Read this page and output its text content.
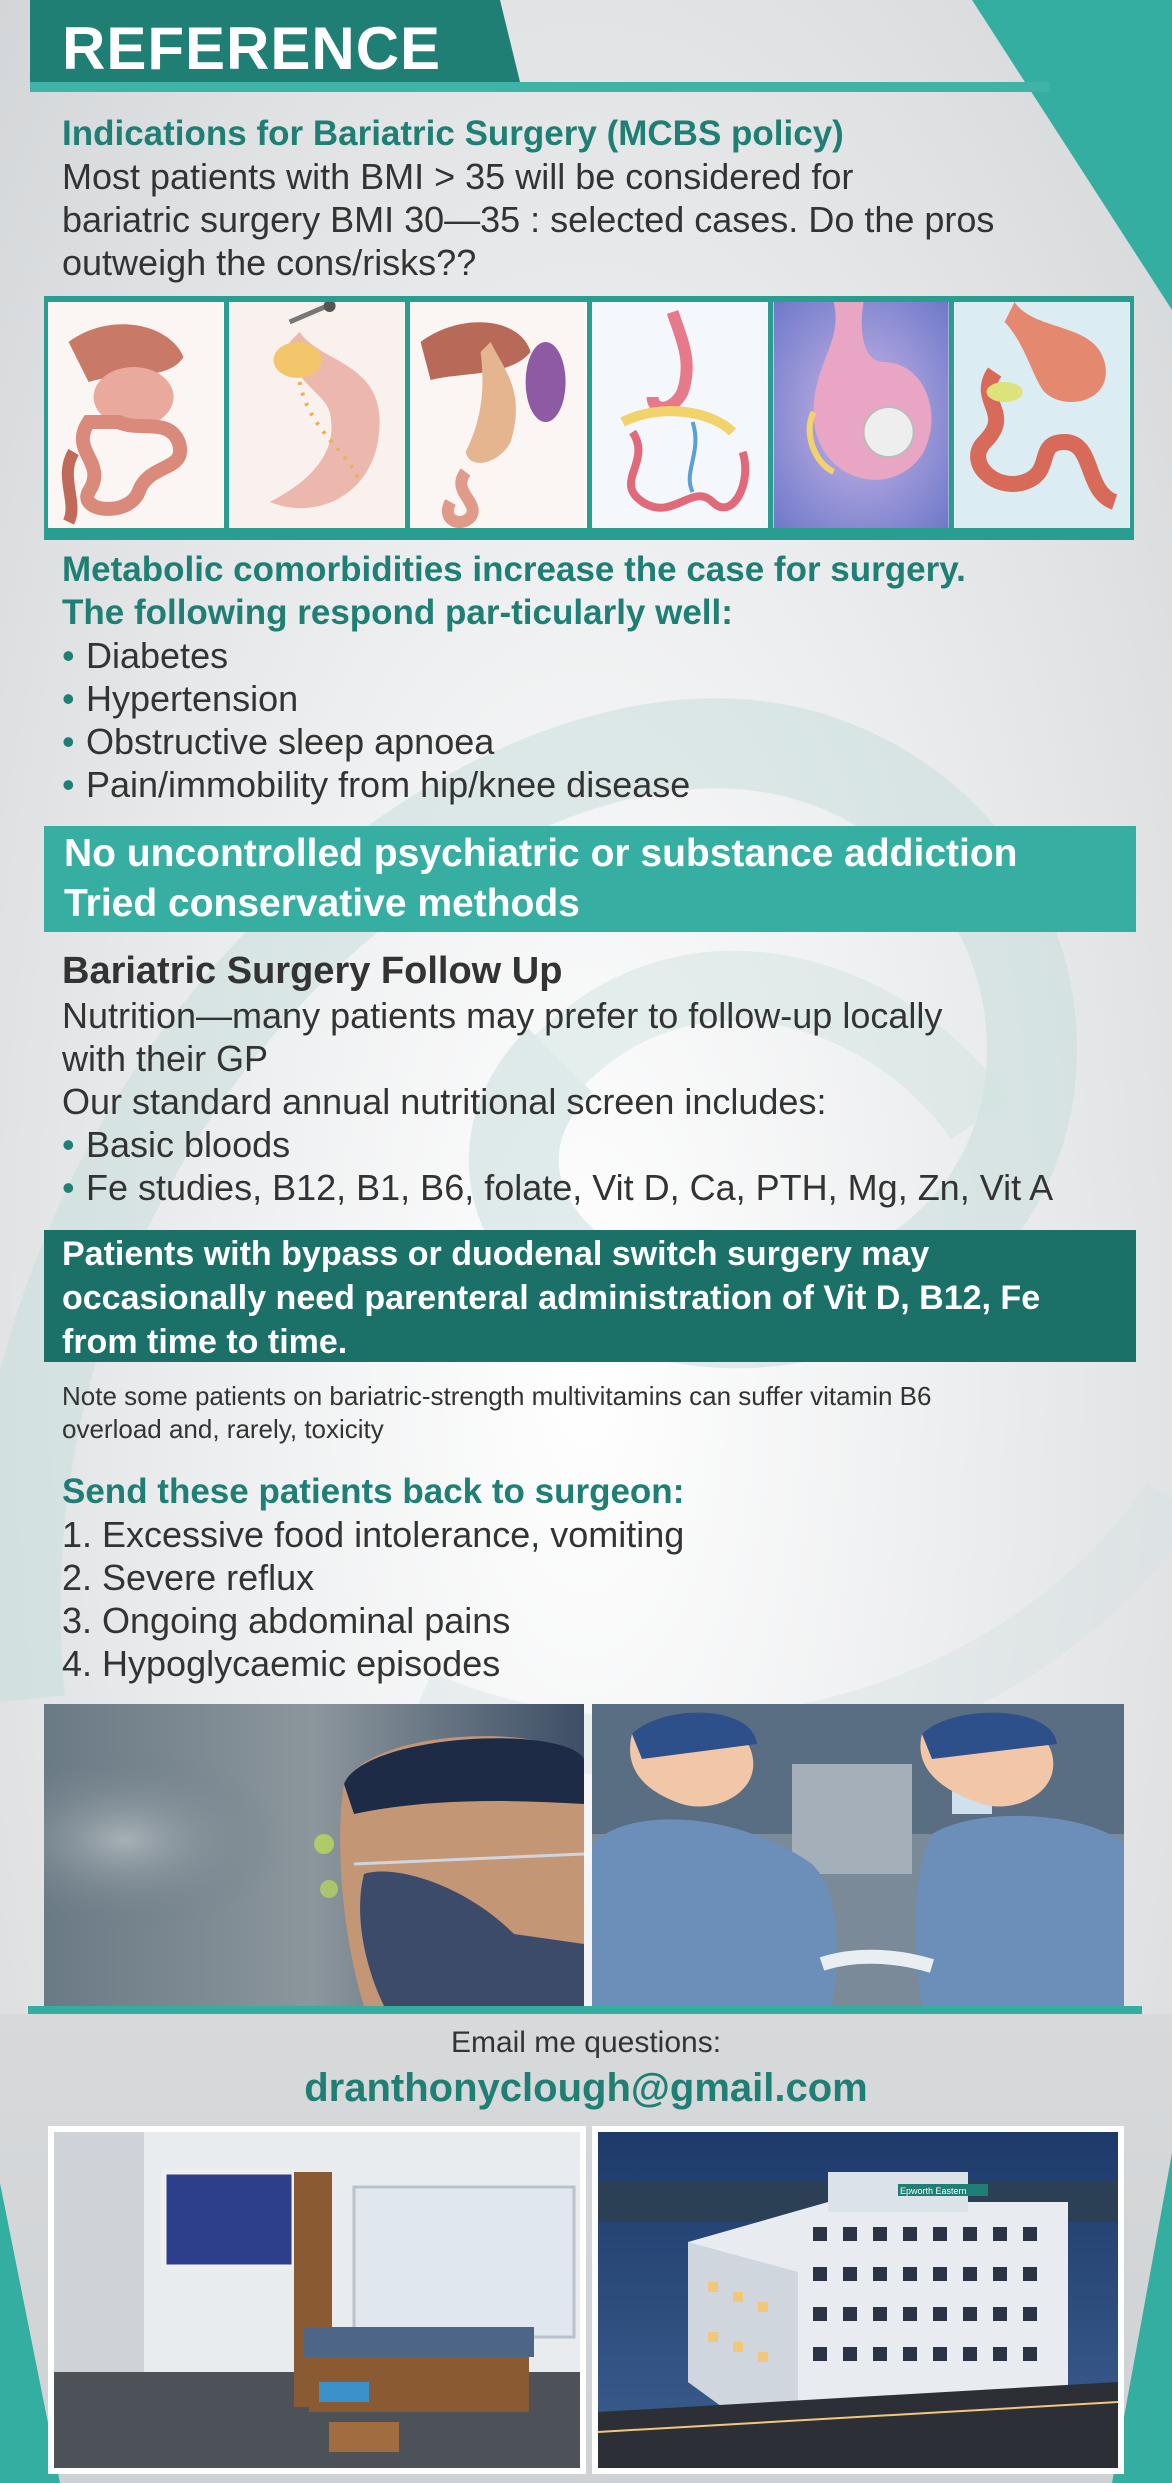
REFERENCE
Indications for Bariatric Surgery (MCBS policy)
Most patients with BMI > 35 will be considered for
bariatric surgery BMI 30—35 : selected cases. Do the pros
outweigh the cons/risks??
Metabolic comorbidities increase the case for surgery.
The following respond par-ticularly well:
• Diabetes
• Hypertension
• Obstructive sleep apnoea
• Pain/immobility from hip/knee disease
No uncontrolled psychiatric or substance addiction
Tried conservative methods
Bariatric Surgery Follow Up
Nutrition—many patients may prefer to follow-up locally
with their GP
Our standard annual nutritional screen includes:
• Basic bloods
• Fe studies, B12, B1, B6, folate, Vit D, Ca, PTH, Mg, Zn, Vit A
Patients with bypass or duodenal switch surgery may
occasionally need parenteral administration of Vit D, B12, Fe
from time to time.
Note some patients on bariatric-strength multivitamins can suffer vitamin B6
overload and, rarely, toxicity
Send these patients back to surgeon:
1. Excessive food intolerance, vomiting
2. Severe reflux
3. Ongoing abdominal pains
4. Hypoglycaemic episodes
Email me questions:
dranthonyclough@gmail.com
Epworth Eastern
